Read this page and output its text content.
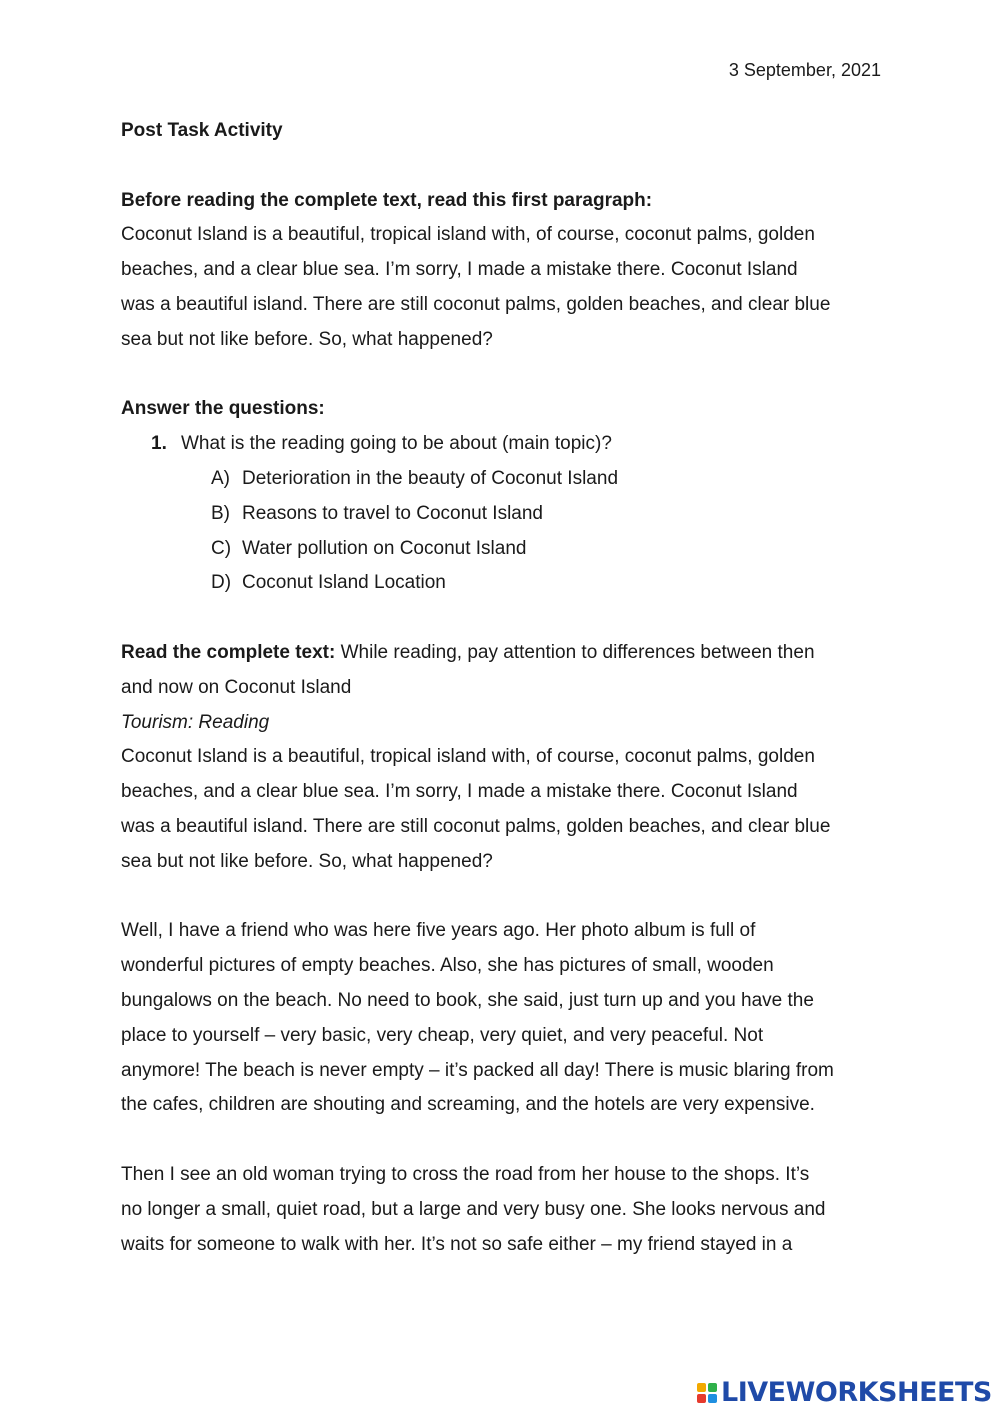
3 September, 2021

Post Task Activity

Before reading the complete text, read this first paragraph:

Coconut Island is a beautiful, tropical island with, of course, coconut palms, golden

beaches, and a clear blue sea. I’m sorry, I made a mistake there. Coconut Island

was a beautiful island. There are still coconut palms, golden beaches, and clear blue

sea but not like before. So, what happened?

Answer the questions:

1. What is the reading going to be about (main topic)?
A) Deterioration in the beauty of Coconut Island
B) Reasons to travel to Coconut Island
C) Water pollution on Coconut Island
D) Coconut Island Location

Read the complete text: While reading, pay attention to differences between then

and now on Coconut Island

Tourism: Reading

Coconut Island is a beautiful, tropical island with, of course, coconut palms, golden

beaches, and a clear blue sea. I’m sorry, I made a mistake there. Coconut Island

was a beautiful island. There are still coconut palms, golden beaches, and clear blue

sea but not like before. So, what happened?

Well, I have a friend who was here five years ago. Her photo album is full of

wonderful pictures of empty beaches. Also, she has pictures of small, wooden

bungalows on the beach. No need to book, she said, just turn up and you have the

place to yourself – very basic, very cheap, very quiet, and very peaceful. Not

anymore! The beach is never empty – it’s packed all day! There is music blaring from

the cafes, children are shouting and screaming, and the hotels are very expensive.

Then I see an old woman trying to cross the road from her house to the shops. It’s

no longer a small, quiet road, but a large and very busy one. She looks nervous and

waits for someone to walk with her. It’s not so safe either – my friend stayed in a

LIVEWORKSHEETS
